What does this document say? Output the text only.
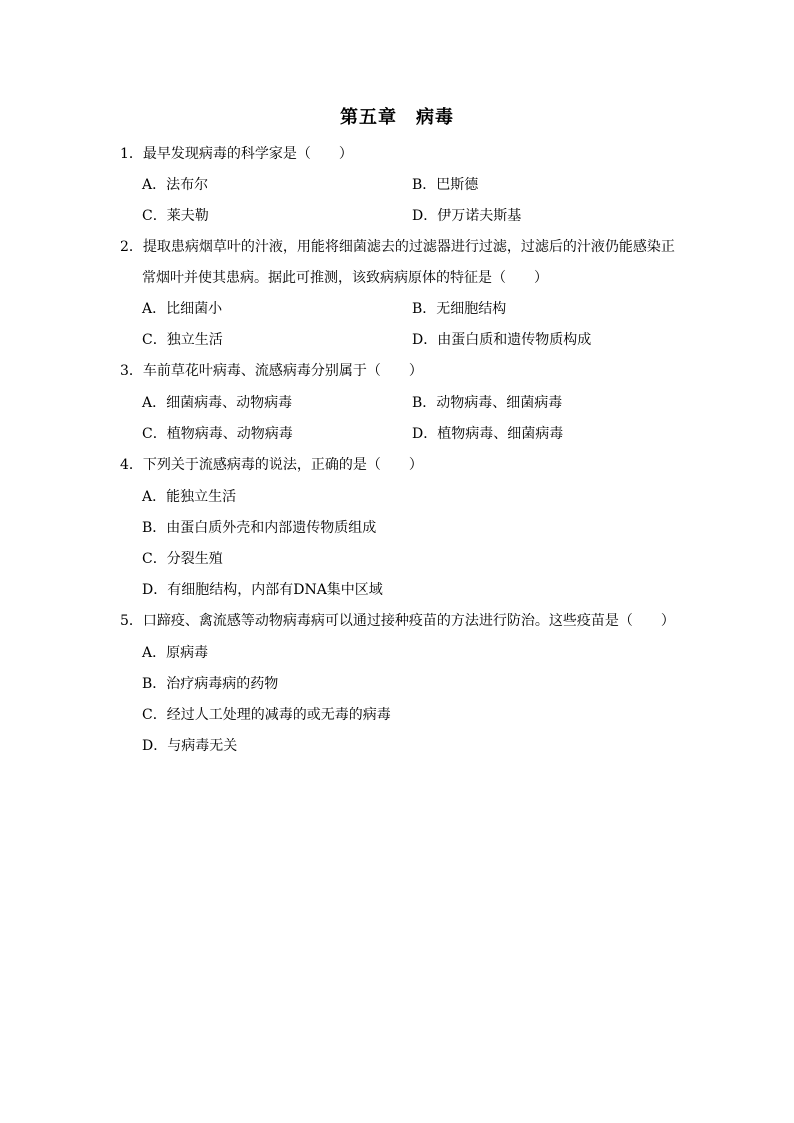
第五章　病毒
1．最早发现病毒的科学家是（　　）
A．法布尔	B．巴斯德
C．莱夫勒	D．伊万诺夫斯基
2．提取患病烟草叶的汁液，用能将细菌滤去的过滤器进行过滤，过滤后的汁液仍能感染正
常烟叶并使其患病。据此可推测，该致病病原体的特征是（　　）
A．比细菌小	B．无细胞结构
C．独立生活	D．由蛋白质和遗传物质构成
3．车前草花叶病毒、流感病毒分别属于（　　）
A．细菌病毒、动物病毒	B．动物病毒、细菌病毒
C．植物病毒、动物病毒	D．植物病毒、细菌病毒
4．下列关于流感病毒的说法，正确的是（　　）
A．能独立生活
B．由蛋白质外壳和内部遗传物质组成
C．分裂生殖
D．有细胞结构，内部有DNA集中区域
5．口蹄疫、禽流感等动物病毒病可以通过接种疫苗的方法进行防治。这些疫苗是（　　）
A．原病毒
B．治疗病毒病的药物
C．经过人工处理的减毒的或无毒的病毒
D．与病毒无关
